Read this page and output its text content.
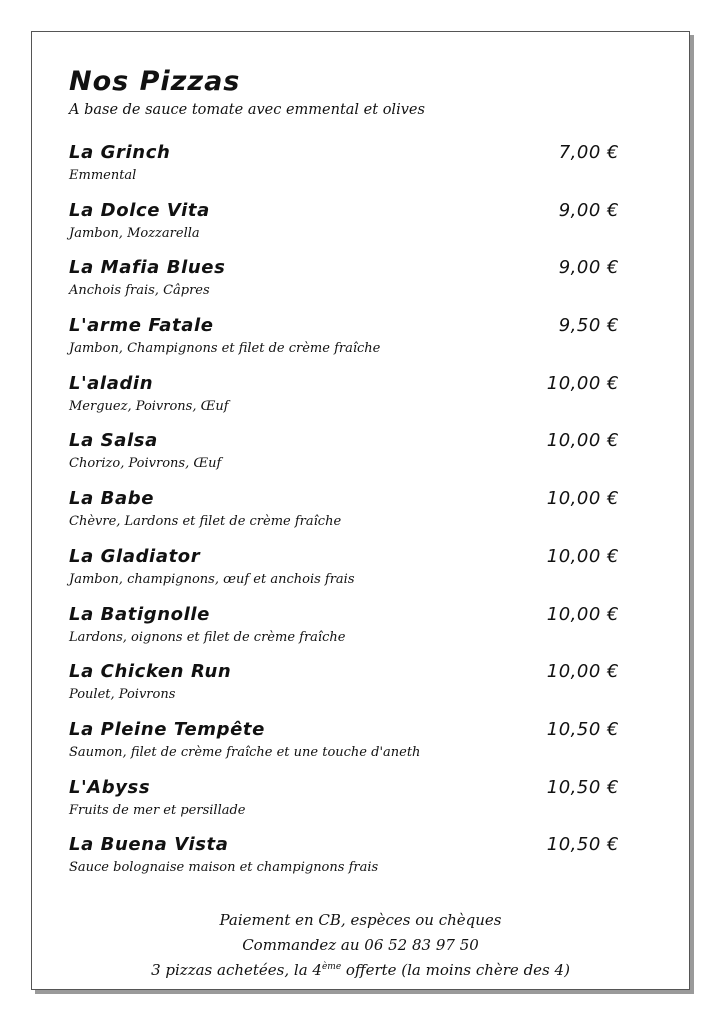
Nos Pizzas
A base de sauce tomate avec emmental et olives
La Grinch
Emmental
7,00 €
La Dolce Vita
Jambon, Mozzarella
9,00 €
La Mafia Blues
Anchois frais, Câpres
9,00 €
L'arme Fatale
Jambon, Champignons et filet de crème fraîche
9,50 €
L'aladin
Merguez, Poivrons, Œuf
10,00 €
La Salsa
Chorizo, Poivrons, Œuf
10,00 €
La Babe
Chèvre, Lardons et filet de crème fraîche
10,00 €
La Gladiator
Jambon, champignons, œuf et anchois frais
10,00 €
La Batignolle
Lardons, oignons et filet de crème fraîche
10,00 €
La Chicken Run
Poulet, Poivrons
10,00 €
La Pleine Tempête
Saumon, filet de crème fraîche et une touche d'aneth
10,50 €
L'Abyss
Fruits de mer et persillade
10,50 €
La Buena Vista
Sauce bolognaise maison et champignons frais
10,50 €
Paiement en CB, espèces ou chèques
Commandez au 06 52 83 97 50
3 pizzas achetées, la 4ème offerte (la moins chère des 4)
